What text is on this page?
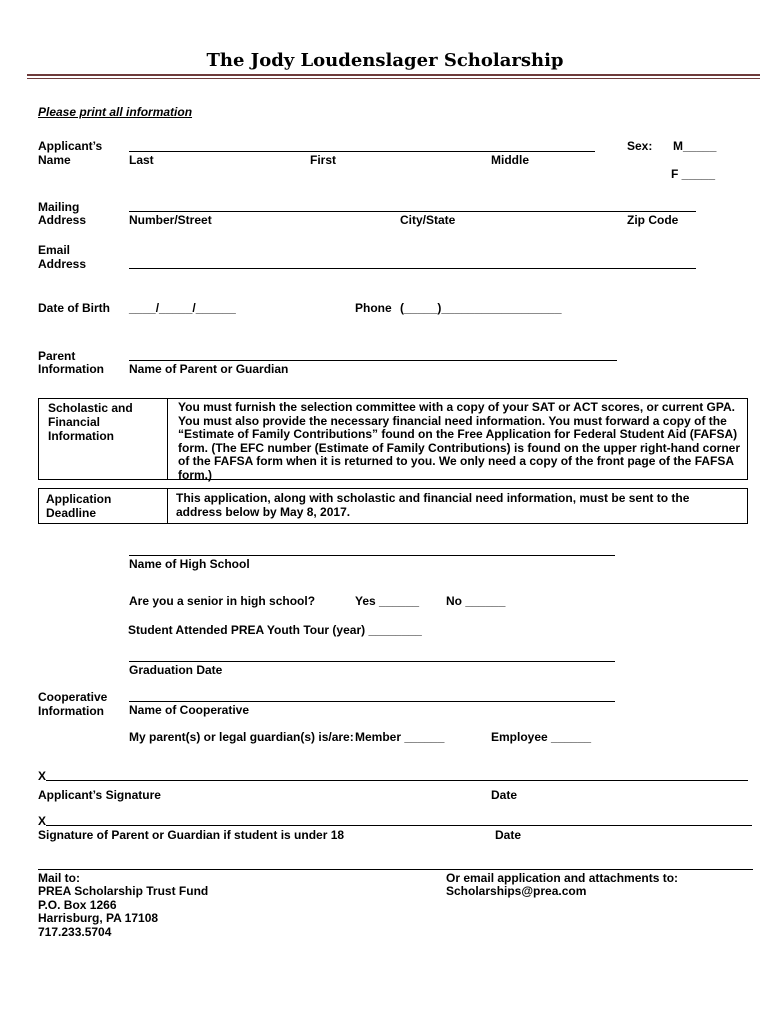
The Jody Loudenslager Scholarship
Please print all information
Applicant’s
Name	Last	First	Middle
Sex: M_____
F _____
Mailing
Address	Number/Street	City/State	Zip Code
Email
Address
Date of Birth ____/_____/______	Phone (_____)__________________
Parent
Information Name of Parent or Guardian
Scholastic and
Financial
Information
You must furnish the selection committee with a copy of your SAT or ACT scores, or current GPA. You must also provide the necessary financial need information. You must forward a copy of the “Estimate of Family Contributions” found on the Free Application for Federal Student Aid (FAFSA) form. (The EFC number (Estimate of Family Contributions) is found on the upper right-hand corner of the FAFSA form when it is returned to you. We only need a copy of the front page of the FAFSA form.)
Application
Deadline
This application, along with scholastic and financial need information, must be sent to the address below by May 8, 2017.
Name of High School
Are you a senior in high school?	Yes ______ No ______
Student Attended PREA Youth Tour (year) ________
Graduation Date
Cooperative
Information Name of Cooperative
My parent(s) or legal guardian(s) is/are: Member ______	Employee ______
X
Applicant’s Signature	Date
X
Signature of Parent or Guardian if student is under 18	Date
Mail to:
PREA Scholarship Trust Fund
P.O. Box 1266
Harrisburg, PA 17108
717.233.5704
Or email application and attachments to:
Scholarships@prea.com
